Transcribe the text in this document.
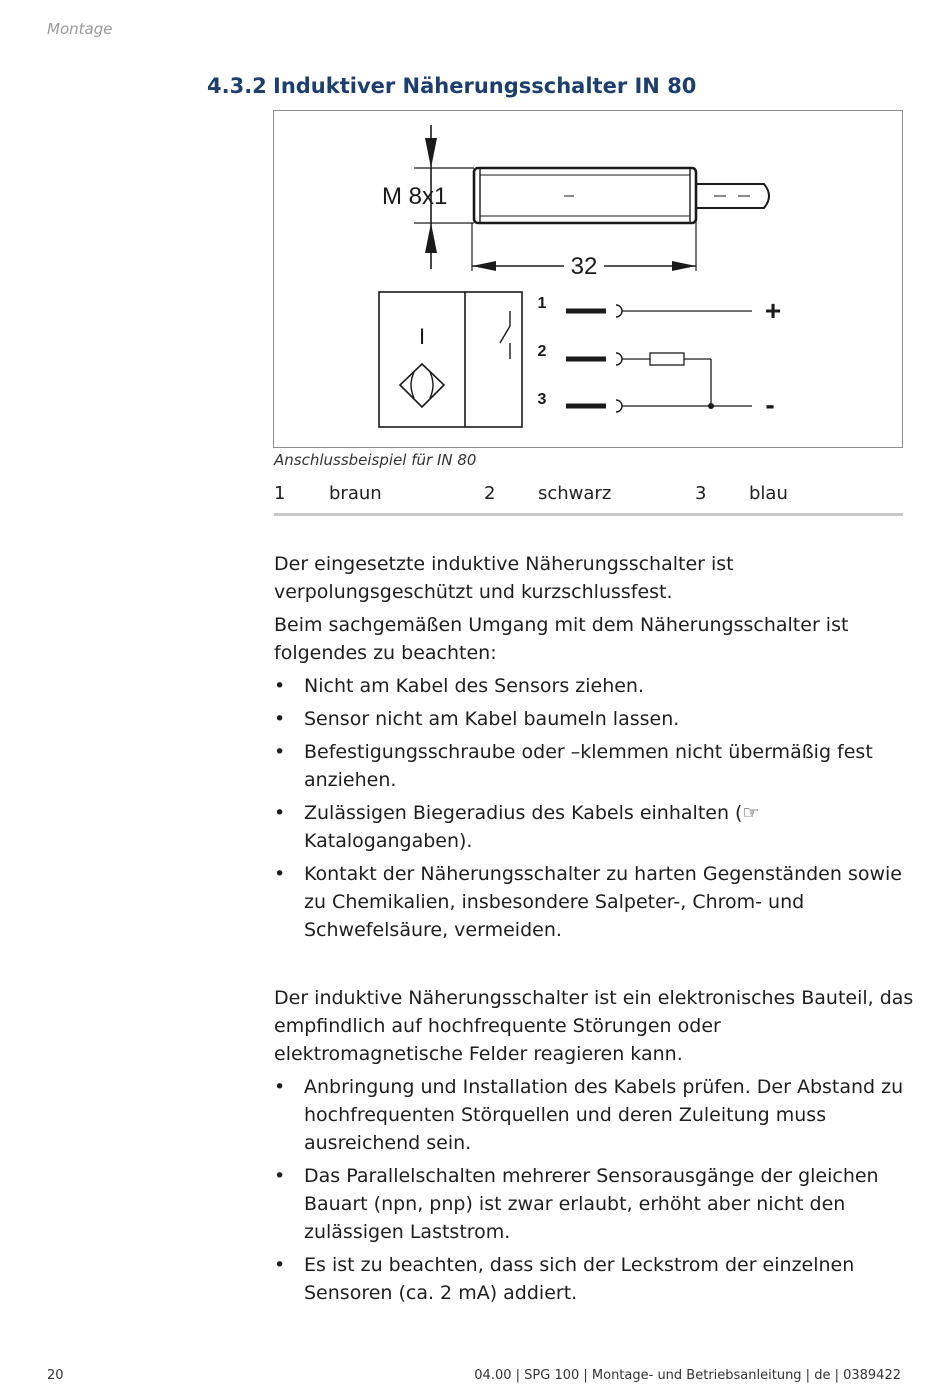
Montage
4.3.2 Induktiver Näherungsschalter IN 80
M 8x1
32
I
1
2
3
+
-
Anschlussbeispiel für IN 80
1 braun	2 schwarz	3 blau

Der eingesetzte induktive Näherungsschalter ist verpolungsgeschützt und kurzschlussfest.

Beim sachgemäßen Umgang mit dem Näherungsschalter ist folgendes zu beachten:

• Nicht am Kabel des Sensors ziehen.
• Sensor nicht am Kabel baumeln lassen.
• Befestigungsschraube oder –klemmen nicht übermäßig fest anziehen.
• Zulässigen Biegeradius des Kabels einhalten (☞ Katalogangaben).
• Kontakt der Näherungsschalter zu harten Gegenständen sowie zu Chemikalien, insbesondere Salpeter-, Chrom- und Schwefelsäure, vermeiden.

Der induktive Näherungsschalter ist ein elektronisches Bauteil, das empfindlich auf hochfrequente Störungen oder elektromagnetische Felder reagieren kann.

• Anbringung und Installation des Kabels prüfen. Der Abstand zu hochfrequenten Störquellen und deren Zuleitung muss ausreichend sein.
• Das Parallelschalten mehrerer Sensorausgänge der gleichen Bauart (npn, pnp) ist zwar erlaubt, erhöht aber nicht den zulässigen Laststrom.
• Es ist zu beachten, dass sich der Leckstrom der einzelnen Sensoren (ca. 2 mA) addiert.
20	04.00 | SPG 100 | Montage- und Betriebsanleitung | de | 0389422
